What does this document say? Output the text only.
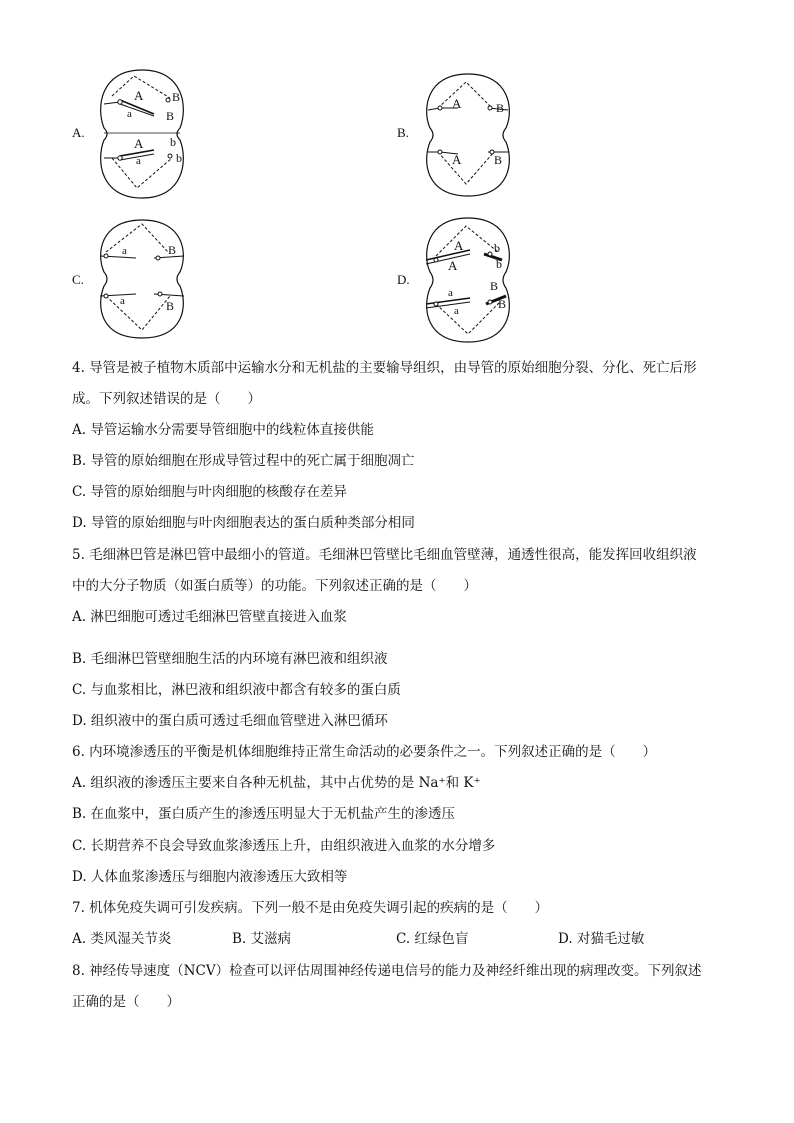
A.
A
a
B
B
b
b
A
a
B.
A	B
A	B
C.
a	B
a	B
D.
A
A
b
b
a
a
B
B
4. 导管是被子植物木质部中运输水分和无机盐的主要输导组织，由导管的原始细胞分裂、分化、死亡后形
成。下列叙述错误的是（　　）
A. 导管运输水分需要导管细胞中的线粒体直接供能
B. 导管的原始细胞在形成导管过程中的死亡属于细胞凋亡
C. 导管的原始细胞与叶肉细胞的核酸存在差异
D. 导管的原始细胞与叶肉细胞表达的蛋白质种类部分相同
5. 毛细淋巴管是淋巴管中最细小的管道。毛细淋巴管壁比毛细血管壁薄，通透性很高，能发挥回收组织液
中的大分子物质（如蛋白质等）的功能。下列叙述正确的是（　　）
A. 淋巴细胞可透过毛细淋巴管壁直接进入血浆
B. 毛细淋巴管壁细胞生活的内环境有淋巴液和组织液
C. 与血浆相比，淋巴液和组织液中都含有较多的蛋白质
D. 组织液中的蛋白质可透过毛细血管壁进入淋巴循环
6. 内环境渗透压的平衡是机体细胞维持正常生命活动的必要条件之一。下列叙述正确的是（　　）
A. 组织液的渗透压主要来自各种无机盐，其中占优势的是 Na⁺和 K⁺
B. 在血浆中，蛋白质产生的渗透压明显大于无机盐产生的渗透压
C. 长期营养不良会导致血浆渗透压上升，由组织液进入血浆的水分增多
D. 人体血浆渗透压与细胞内液渗透压大致相等
7. 机体免疫失调可引发疾病。下列一般不是由免疫失调引起的疾病的是（　　）
A. 类风湿关节炎	B. 艾滋病	C. 红绿色盲	D. 对猫毛过敏
8. 神经传导速度（NCV）检查可以评估周围神经传递电信号的能力及神经纤维出现的病理改变。下列叙述
正确的是（　　）
